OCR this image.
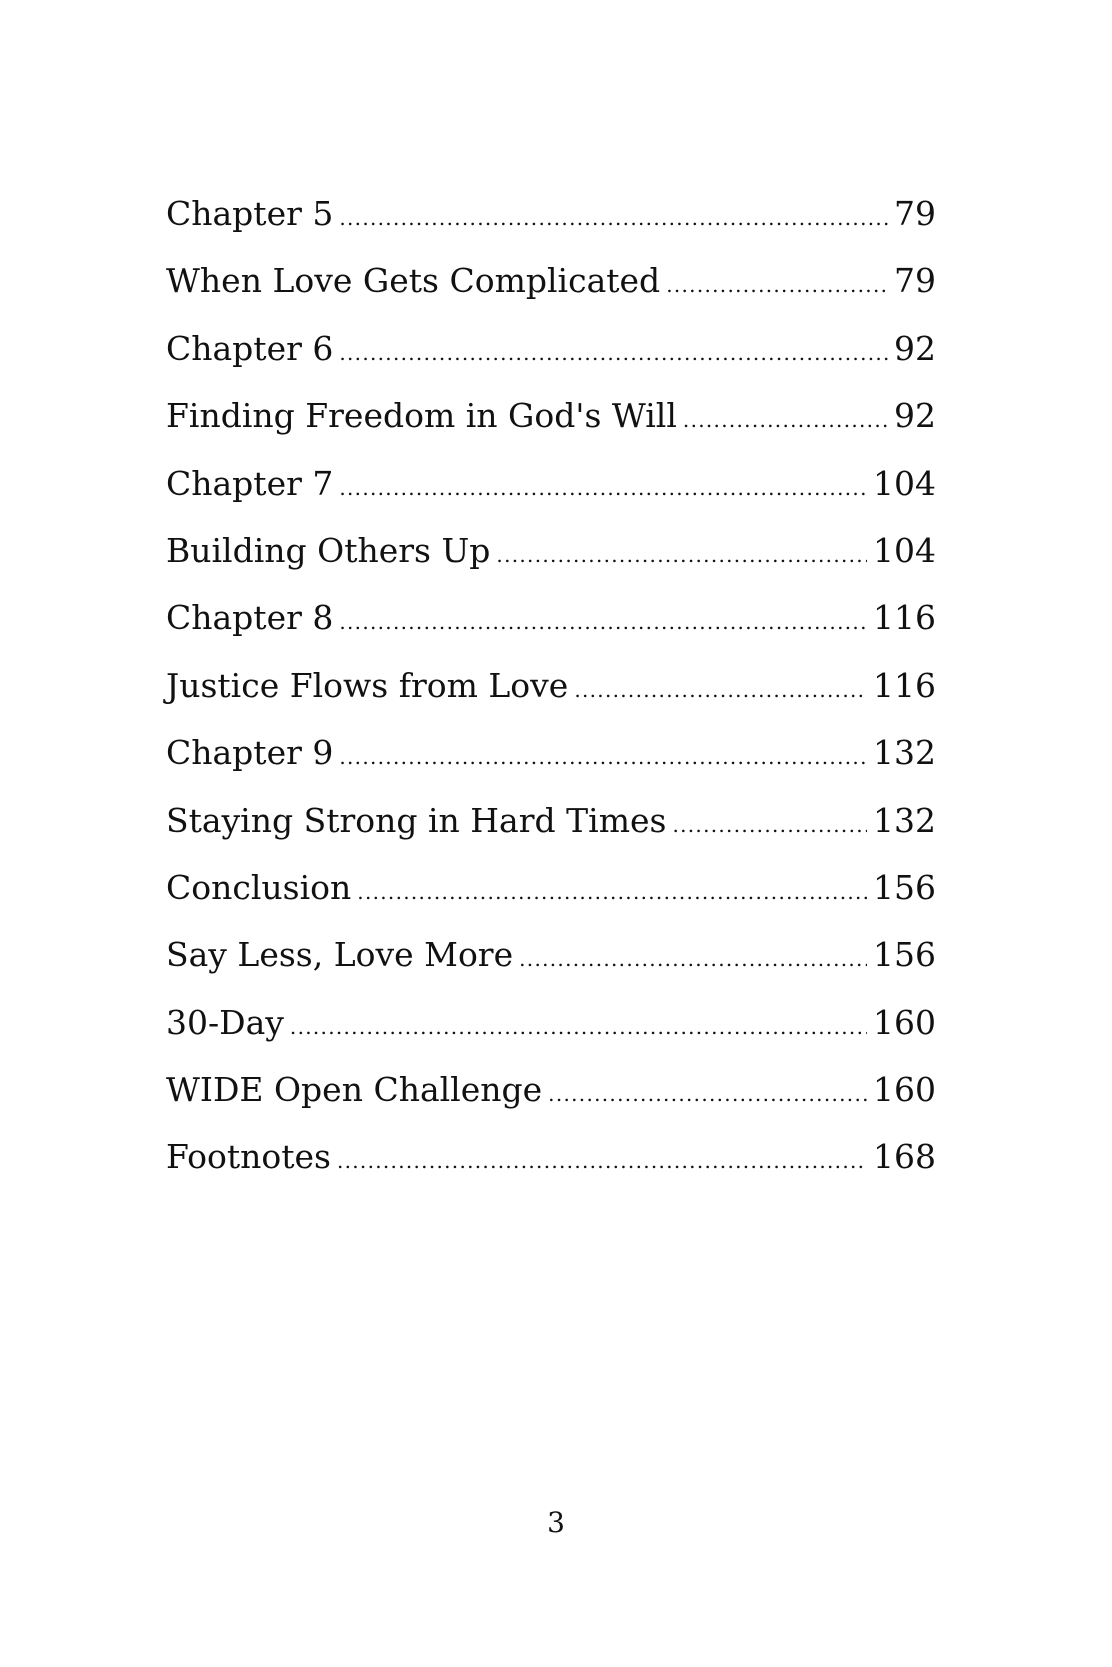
Chapter 5 .....	79
When Love Gets Complicated .....	79
Chapter 6 .....	92
Finding Freedom in God's Will .....	92
Chapter 7 .....	104
Building Others Up .....	104
Chapter 8 .....	116
Justice Flows from Love .....	116
Chapter 9 .....	132
Staying Strong in Hard Times .....	132
Conclusion .....	156
Say Less, Love More .....	156
30-Day .....	160
WIDE Open Challenge .....	160
Footnotes .....	168
3
